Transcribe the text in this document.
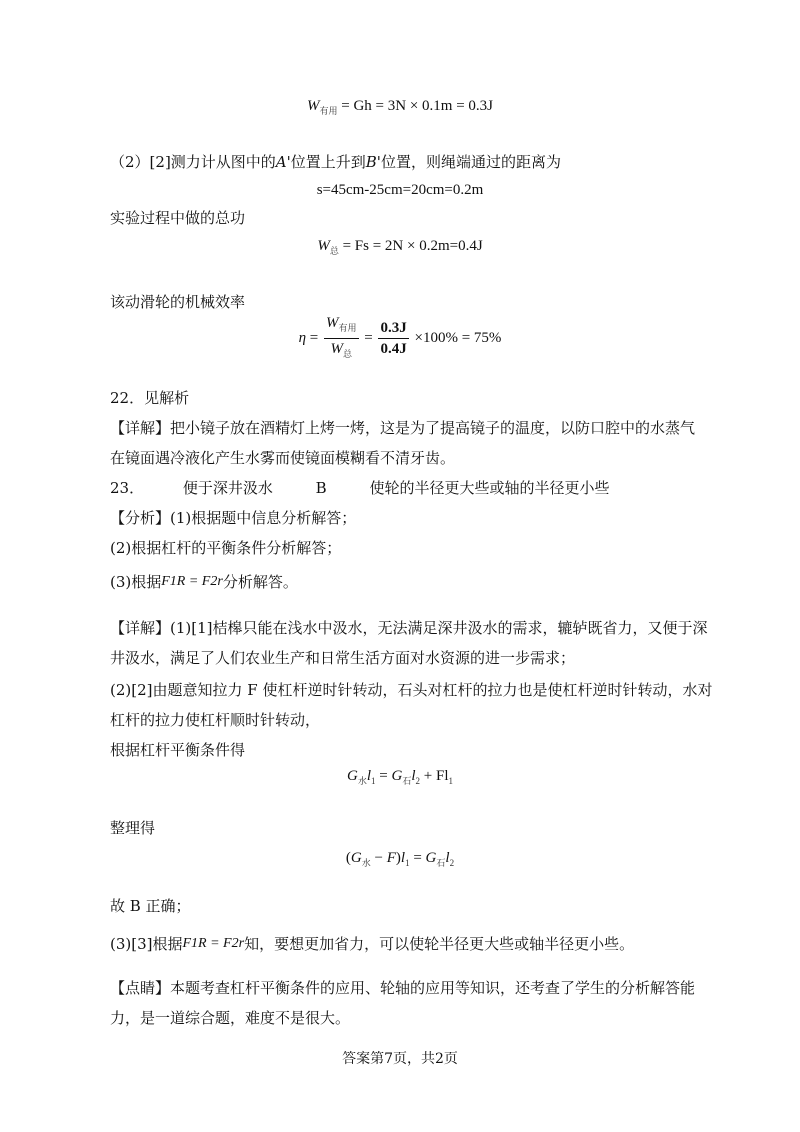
$W_{有用} = Gh = 3N \times 0.1m = 0.3J$
（2）[2]测力计从图中的A'位置上升到B'位置，则绳端通过的距离为
s=45cm-25cm=20cm=0.2m
实验过程中做的总功
$W_总 = Fs = 2N \times 0.2m=0.4J$
该动滑轮的机械效率
$\eta = \frac{W_{有用}}{W_总} = \frac{0.3J}{0.4J} \times 100\% = 75\%$
22．见解析
【详解】把小镜子放在酒精灯上烤一烤，这是为了提高镜子的温度，以防口腔中的水蒸气
在镜面遇冷液化产生水雾而使镜面模糊看不清牙齿。
23．	便于深井汲水	B	使轮的半径更大些或轴的半径更小些
【分析】(1)根据题中信息分析解答；
(2)根据杠杆的平衡条件分析解答；
(3)根据F1R = F2r分析解答。
【详解】(1)[1]桔槔只能在浅水中汲水，无法满足深井汲水的需求，辘轳既省力，又便于深
井汲水，满足了人们农业生产和日常生活方面对水资源的进一步需求；
(2)[2]由题意知拉力 F 使杠杆逆时针转动，石头对杠杆的拉力也是使杠杆逆时针转动，水对
杠杆的拉力使杠杆顺时针转动，
根据杠杆平衡条件得
$G_水l_1 = G_石l_2 + Fl_1$
整理得
$(G_水 - F)l_1 = G_石l_2$
故 B 正确；
(3)[3]根据F1R = F2r知，要想更加省力，可以使轮半径更大些或轴半径更小些。
【点睛】本题考查杠杆平衡条件的应用、轮轴的应用等知识，还考查了学生的分析解答能
力，是一道综合题，难度不是很大。
答案第7页，共2页
